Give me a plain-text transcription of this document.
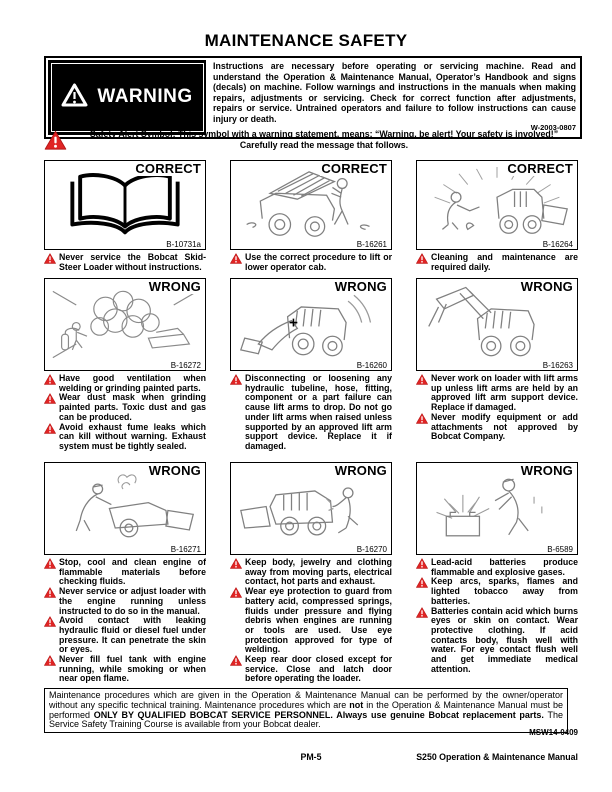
MAINTENANCE SAFETY
WARNING
Instructions are necessary before operating or servicing machine. Read and understand the Operation & Maintenance Manual, Operator’s Handbook and signs (decals) on machine. Follow warnings and instructions in the manuals when making repairs, adjustments or servicing. Check for correct function after adjustments, repairs or service. Untrained operators and failure to follow instructions can cause injury or death.
W-2003-0807
Safety Alert Symbol: This symbol with a warning statement, means: “Warning, be alert! Your safety is involved!” Carefully read the message that follows.
CORRECT
B-10731a
Never service the Bobcat Skid-Steer Loader without instructions.
CORRECT
B-16261
Use the correct procedure to lift or lower operator cab.
CORRECT
B-16264
Cleaning and maintenance are required daily.
WRONG
B-16272
Have good ventilation when welding or grinding painted parts.
Wear dust mask when grinding painted parts. Toxic dust and gas can be produced.
Avoid exhaust fume leaks which can kill without warning. Exhaust system must be tightly sealed.
WRONG
B-16260
Disconnecting or loosening any hydraulic tubeline, hose, fitting, component or a part failure can cause lift arms to drop. Do not go under lift arms when raised unless supported by an approved lift arm support device. Replace it if damaged.
WRONG
B-16263
Never work on loader with lift arms up unless lift arms are held by an approved lift arm support device. Replace if damaged.
Never modify equipment or add attachments not approved by Bobcat Company.
WRONG
B-16271
Stop, cool and clean engine of flammable materials before checking fluids.
Never service or adjust loader with the engine running unless instructed to do so in the manual.
Avoid contact with leaking hydraulic fluid or diesel fuel under pressure. It can penetrate the skin or eyes.
Never fill fuel tank with engine running, while smoking or when near open flame.
WRONG
B-16270
Keep body, jewelry and clothing away from moving parts, electrical contact, hot parts and exhaust.
Wear eye protection to guard from battery acid, compressed springs, fluids under pressure and flying debris when engines are running or tools are used. Use eye protection approved for type of welding.
Keep rear door closed except for service. Close and latch door before operating the loader.
WRONG
B-6589
Lead-acid batteries produce flammable and explosive gases.
Keep arcs, sparks, flames and lighted tobacco away from batteries.
Batteries contain acid which burns eyes or skin on contact. Wear protective clothing. If acid contacts body, flush well with water. For eye contact flush well and get immediate medical attention.
Maintenance procedures which are given in the Operation & Maintenance Manual can be performed by the owner/operator without any specific technical training. Maintenance procedures which are not in the Operation & Maintenance Manual must be performed ONLY BY QUALIFIED BOBCAT SERVICE PERSONNEL. Always use genuine Bobcat replacement parts. The Service Safety Training Course is available from your Bobcat dealer.
MSW14-0409
PM-5	S250 Operation & Maintenance Manual
